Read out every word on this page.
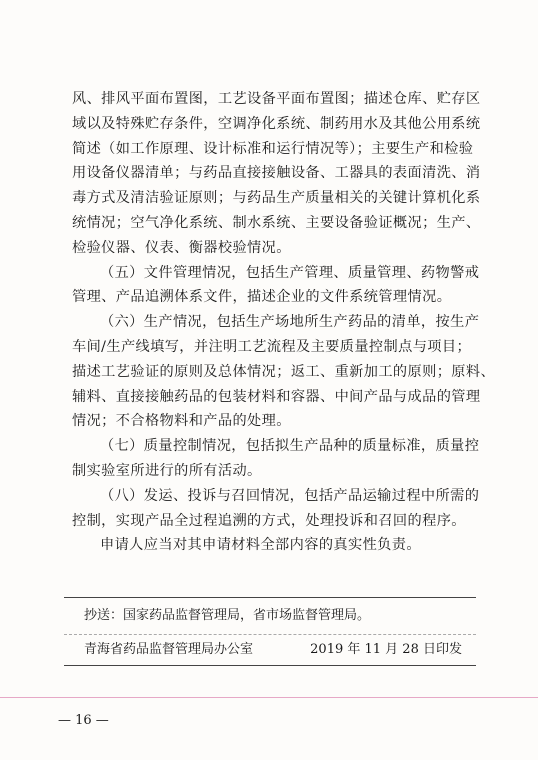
风、排风平面布置图，工艺设备平面布置图；描述仓库、贮存区
域以及特殊贮存条件，空调净化系统、制药用水及其他公用系统
简述（如工作原理、设计标准和运行情况等）；主要生产和检验
用设备仪器清单；与药品直接接触设备、工器具的表面清洗、消
毒方式及清洁验证原则；与药品生产质量相关的关键计算机化系
统情况；空气净化系统、制水系统、主要设备验证概况；生产、
检验仪器、仪表、衡器校验情况。
（五）文件管理情况，包括生产管理、质量管理、药物警戒
管理、产品追溯体系文件，描述企业的文件系统管理情况。
（六）生产情况，包括生产场地所生产药品的清单，按生产
车间/生产线填写，并注明工艺流程及主要质量控制点与项目；
描述工艺验证的原则及总体情况；返工、重新加工的原则；原料、
辅料、直接接触药品的包装材料和容器、中间产品与成品的管理
情况；不合格物料和产品的处理。
（七）质量控制情况，包括拟生产品种的质量标准，质量控
制实验室所进行的所有活动。
（八）发运、投诉与召回情况，包括产品运输过程中所需的
控制，实现产品全过程追溯的方式，处理投诉和召回的程序。
申请人应当对其申请材料全部内容的真实性负责。
抄送：国家药品监督管理局，省市场监督管理局。
青海省药品监督管理局办公室	2019 年 11 月 28 日印发
— 16 —
